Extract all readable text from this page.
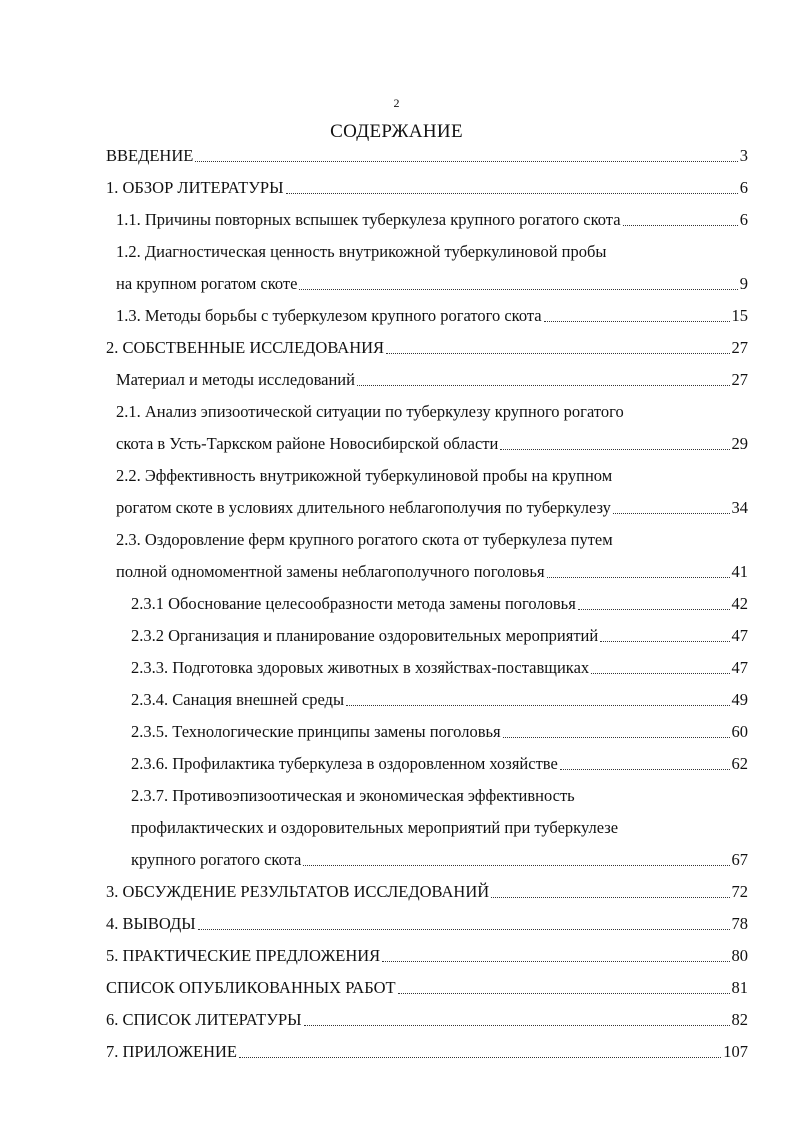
2
СОДЕРЖАНИЕ
ВВЕДЕНИЕ	3
1. ОБЗОР ЛИТЕРАТУРЫ	6
1.1. Причины повторных вспышек туберкулеза крупного рогатого скота	6
1.2. Диагностическая ценность внутрикожной туберкулиновой пробы
на крупном рогатом скоте	9
1.3. Методы борьбы с туберкулезом крупного рогатого скота	15
2. СОБСТВЕННЫЕ ИССЛЕДОВАНИЯ	27
Материал и методы исследований	27
2.1. Анализ эпизоотической ситуации по туберкулезу крупного рогатого
скота в Усть-Таркском районе Новосибирской области	29
2.2. Эффективность внутрикожной туберкулиновой пробы на крупном
рогатом скоте в условиях длительного неблагополучия по туберкулезу	34
2.3. Оздоровление ферм крупного рогатого скота от туберкулеза путем
полной одномоментной замены неблагополучного поголовья	41
2.3.1 Обоснование целесообразности метода замены поголовья	42
2.3.2 Организация и планирование оздоровительных мероприятий	47
2.3.3. Подготовка здоровых животных в хозяйствах-поставщиках	47
2.3.4. Санация внешней среды	49
2.3.5. Технологические принципы замены поголовья	60
2.3.6. Профилактика туберкулеза в оздоровленном хозяйстве	62
2.3.7. Противоэпизоотическая и экономическая эффективность
профилактических и оздоровительных мероприятий при туберкулезе
крупного рогатого скота	67
3. ОБСУЖДЕНИЕ РЕЗУЛЬТАТОВ ИССЛЕДОВАНИЙ	72
4. ВЫВОДЫ	78
5. ПРАКТИЧЕСКИЕ ПРЕДЛОЖЕНИЯ	80
СПИСОК ОПУБЛИКОВАННЫХ РАБОТ	81
6. СПИСОК ЛИТЕРАТУРЫ	82
7. ПРИЛОЖЕНИЕ	107
